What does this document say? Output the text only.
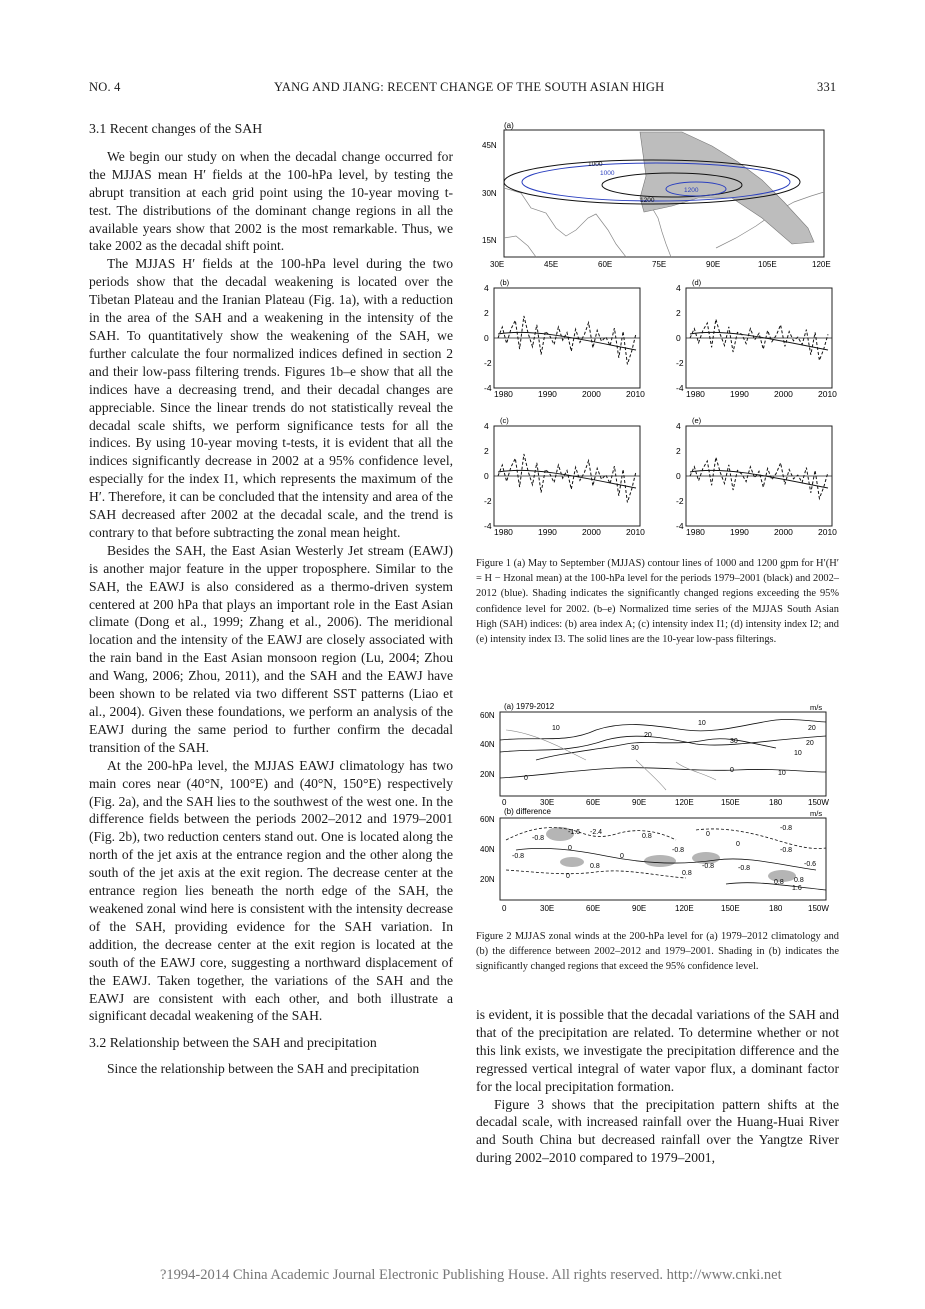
NO. 4	YANG AND JIANG: RECENT CHANGE OF THE SOUTH ASIAN HIGH	331
3.1 Recent changes of the SAH

We begin our study on when the decadal change occurred for the MJJAS mean H′ fields at the 100-hPa level, by testing the abrupt transition at each grid point using the 10-year moving t-test. The distributions of the dominant change regions in all the available years show that 2002 is the most remarkable. Thus, we take 2002 as the decadal shift point.

The MJJAS H′ fields at the 100-hPa level during the two periods show that the decadal weakening is located over the Tibetan Plateau and the Iranian Plateau (Fig. 1a), with a reduction in the area of the SAH and a weakening in the intensity of the SAH. To quantitatively show the weakening of the SAH, we further calculate the four normalized indices defined in section 2 and their low-pass filtering trends. Figures 1b–e show that all the indices have a decreasing trend, and their decadal changes are appreciable. Since the linear trends do not statistically reveal the decadal scale shifts, we perform significance tests for all the indices. By using 10-year moving t-tests, it is evident that all the indices significantly decrease in 2002 at a 95% confidence level, especially for the index I1, which represents the maximum of the H′. Therefore, it can be concluded that the intensity and area of the SAH decreased after 2002 at the decadal scale, and the trend is contrary to that before subtracting the zonal mean height.

Besides the SAH, the East Asian Westerly Jet stream (EAWJ) is another major feature in the upper troposphere. Similar to the SAH, the EAWJ is also considered as a thermo-driven system centered at 200 hPa that plays an important role in the East Asian climate (Dong et al., 1999; Zhang et al., 2006). The meridional location and the intensity of the EAWJ are closely associated with the rain band in the East Asian monsoon region (Lu, 2004; Zhou and Wang, 2006; Zhou, 2011), and the SAH and the EAWJ have been shown to be related via two different SST patterns (Liao et al., 2004). Given these foundations, we perform an analysis of the EAWJ during the same period to further confirm the decadal transition of the SAH.

At the 200-hPa level, the MJJAS EAWJ climatology has two main cores near (40°N, 100°E) and (40°N, 150°E) respectively (Fig. 2a), and the SAH lies to the southwest of the west one. In the difference fields between the periods 2002–2012 and 1979–2001 (Fig. 2b), two reduction centers stand out. One is located along the north of the jet axis at the entrance region and the other along the south of the jet axis at the exit region. The decrease center at the entrance region lies beneath the north edge of the SAH, the weakened zonal wind here is consistent with the intensity decrease of the SAH, providing evidence for the SAH variation. In addition, the decrease center at the exit region is located at the south of the EAWJ core, suggesting a northward displacement of the EAWJ. Taken together, the variations of the SAH and the EAWJ are consistent with each other, and both illustrate a significant decadal weakening of the SAH.

3.2 Relationship between the SAH and precipitation

Since the relationship between the SAH and precipitation

(a)
1000
1000
1200
1200
45N
30N
15N
30E	45E	60E	75E	90E	105E	120E
(b)
4
2
0
-2
-4
1980	1990	2000	2010
(d)
4
2
0
-2
-4
1980	1990	2000	2010
(c)
4
2
0
-2
-4
1980	1990	2000	2010
(e)
4
2
0
-2
-4
1980	1990	2000	2010
Figure 1 (a) May to September (MJJAS) contour lines of 1000 and 1200 gpm for H′(H′ = H − Hzonal mean) at the 100-hPa level for the periods 1979–2001 (black) and 2002–2012 (blue). Shading indicates the significantly changed regions exceeding the 95% confidence level for 2002. (b–e) Normalized time series of the MJJAS South Asian High (SAH) indices: (b) area index A; (c) intensity index I1; (d) intensity index I2; and (e) intensity index I3. The solid lines are the 10-year low-pass filterings.
(a) 1979-2012	m/s
10
20
30
30
10
20
10
0
20
10
0
60N
40N
20N
0	30E	60E	90E	120E	150E	180	150W
(b) difference	m/s
-0.8
-1.6 -2.4
0.8
0
-0.8
-0.8
0
0.8
0
0
-0.8
0
0.8
-0.8
-0.8
0.8
-0.8
0.8
1.6
-0.6
60N
40N
20N
0	30E	60E	90E	120E	150E	180	150W
Figure 2 MJJAS zonal winds at the 200-hPa level for (a) 1979–2012 climatology and (b) the difference between 2002–2012 and 1979–2001. Shading in (b) indicates the significantly changed regions that exceed the 95% confidence level.

is evident, it is possible that the decadal variations of the SAH and that of the precipitation are related. To determine whether or not this link exists, we investigate the precipitation difference and the regressed vertical integral of water vapor flux, a dominant factor for the local precipitation formation.

Figure 3 shows that the precipitation pattern shifts at the decadal scale, with increased rainfall over the Huang-Huai River and South China but decreased rainfall over the Yangtze River during 2002–2010 compared to 1979–2001,

?1994-2014 China Academic Journal Electronic Publishing House. All rights reserved. http://www.cnki.net
